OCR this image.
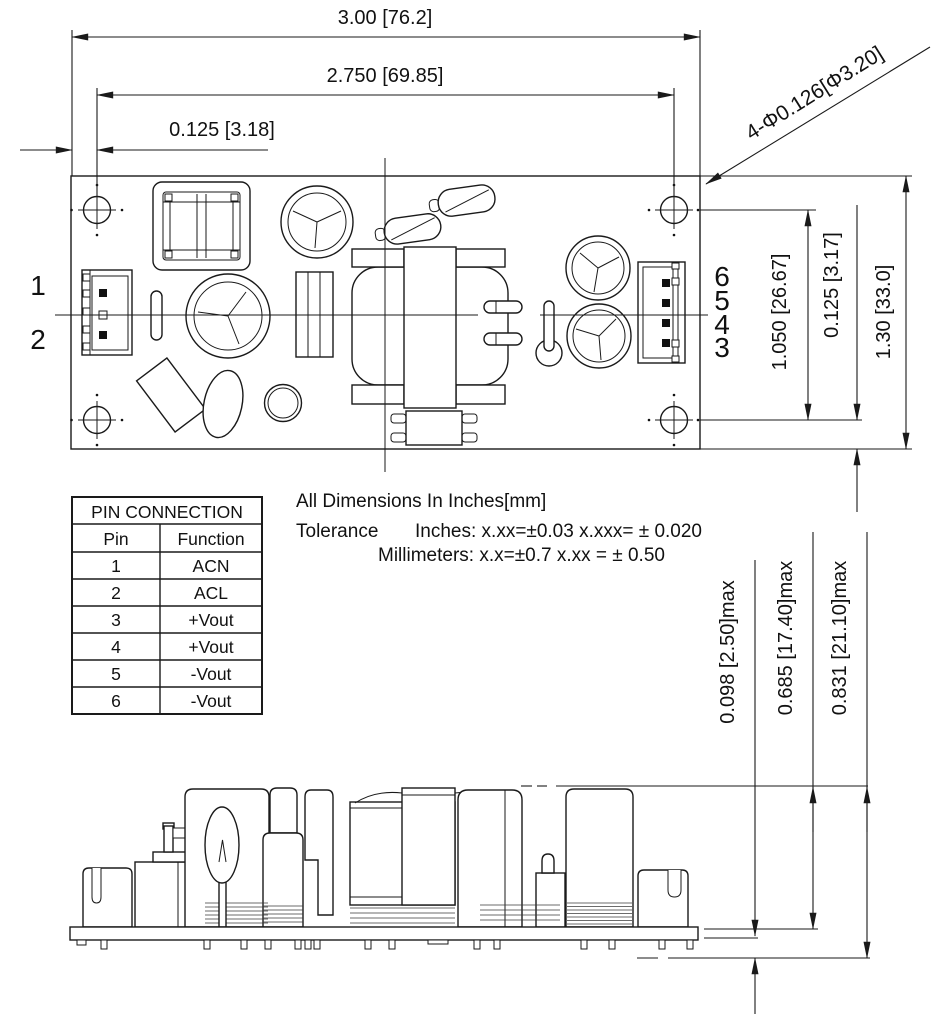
1
2
6
5
4
3
3.00 [76.2]
2.750 [69.85]
0.125 [3.18]	4-Φ0.126[Φ3.20]
1.050 [26.67] 0.125 [3.17] 1.30 [33.0]
PIN CONNECTION
Pin	Function
1	ACN
2	ACL
3	+Vout
4	+Vout
5	-Vout
6	-Vout
All Dimensions In Inches[mm]
Tolerance Inches: x.xx=±0.03 x.xxx= ± 0.020
Millimeters: x.x=±0.7 x.xx = ± 0.50
0.098 [2.50]max 0.685 [17.40]max 0.831 [21.10]max
